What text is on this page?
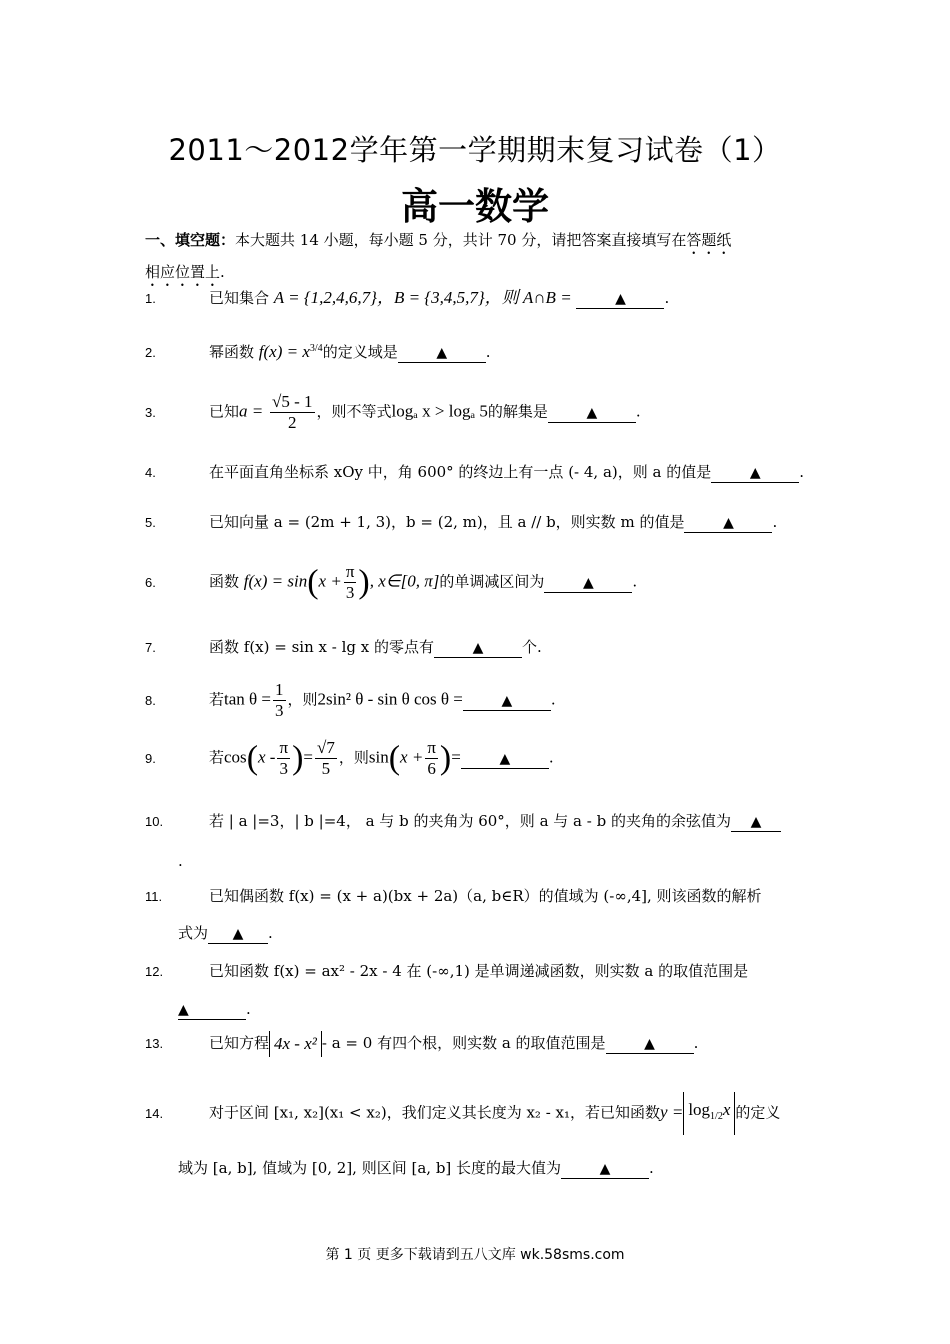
2011～2012学年第一学期期末复习试卷（1）
高一数学
一、填空题：本大题共 14 小题，每小题 5 分，共计 70 分，请把答案直接填写在答题纸
相应位置上.
1.	已知集合 A = {1,2,4,6,7}，B = {3,4,5,7}，则 A∩B =	▲	.
2.	幂函数 $f(x) = x^{3/4}$的定义域是	▲	.
3.	已知$a = \frac{√5 - 1}{2}$ ，则不等式logₐ x > logₐ 5的解集是	▲	.
4.	在平面直角坐标系 xOy 中，角 600° 的终边上有一点 (- 4, a)，则 a 的值是	▲	.
5.	已知向量 a = (2m + 1, 3)，b = (2, m)，且 a // b，则实数 m 的值是	▲	.
6.	函数 $f(x) = \sin(x + \frac{\pi}{3}$ ), x∈[0, π]的单调减区间为	▲	.
7.	函数 f(x) = sin x - lg x 的零点有	▲	个.
8.	若$\tan \theta = \frac{1}{3}$ ，则2sin² θ - sin θ cos θ =	▲	.
9.	若$\cos(x - \frac{\pi}{3}$ )= $\frac{√7}{5}$ ，则$\sin(x + \frac{\pi}{6}$ )=	▲	.
10.	若 | a |=3，| b |=4， a 与 b 的夹角为 60°，则 a 与 a - b 的夹角的余弦值为 ▲
.
11.	已知偶函数 f(x) = (x + a)(bx + 2a)（a, b∈R）的值域为 (-∞,4], 则该函数的解析
式为 ▲ .
12.	已知函数 f(x) = ax² - 2x - 4 在 (-∞,1) 是单调递减函数，则实数 a 的取值范围是
▲	.
13.	已知方程 4x - x² - a = 0 有四个根，则实数 a 的取值范围是	▲	.
14.	对于区间 [x₁, x₂](x₁ < x₂)，我们定义其长度为 x₂ - x₁，若已知函数$y = \log_{1/2}x$ 的定义
域为 [a, b], 值域为 [0, 2], 则区间 [a, b] 长度的最大值为	▲	.
第 1 页 更多下载请到五八文库 wk.58sms.com
